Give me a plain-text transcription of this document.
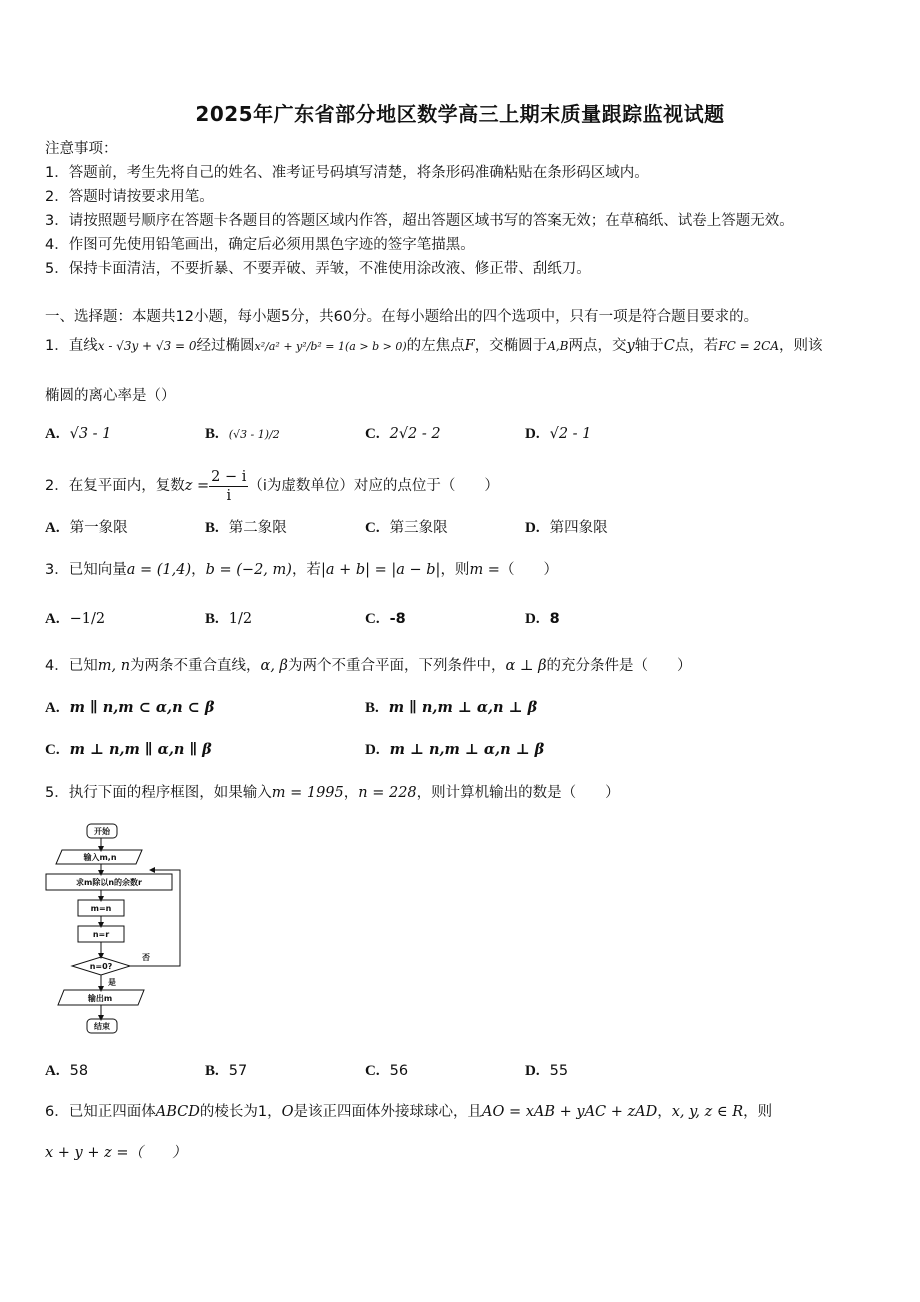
2025年广东省部分地区数学高三上期末质量跟踪监视试题
注意事项：
1．答题前，考生先将自己的姓名、准考证号码填写清楚，将条形码准确粘贴在条形码区域内。
2．答题时请按要求用笔。
3．请按照题号顺序在答题卡各题目的答题区域内作答，超出答题区域书写的答案无效；在草稿纸、试卷上答题无效。
4．作图可先使用铅笔画出，确定后必须用黑色字迹的签字笔描黑。
5．保持卡面清洁，不要折暴、不要弄破、弄皱，不准使用涂改液、修正带、刮纸刀。
一、选择题：本题共12小题，每小题5分，共60分。在每小题给出的四个选项中，只有一项是符合题目要求的。
1．直线x - √3y + √3 = 0经过椭圆x²/a² + y²/b² = 1(a > b > 0)的左焦点F，交椭圆于A,B两点，交y轴于C点，若FC = 2CA，则该
椭圆的离心率是（）
A. √3 - 1	B. (√3 - 1)/2	C. 2√2 - 2	D. √2 - 1
2．在复平面内，复数$z = \frac{2 - i}{i} (i$为虚数单位）对应的点位于（　　）
A. 第一象限	B. 第二象限	C. 第三象限	D. 第四象限
3．已知向量a = (1,4)，b = (−2, m)，若|a + b| = |a − b|，则m =（　　）
A. −1/2	B. 1/2	C. -8	D. 8
4．已知m, n为两条不重合直线，α, β为两个不重合平面，下列条件中，α ⊥ β的充分条件是（　　）
A. m ∥ n,m ⊂ α,n ⊂ β	B. m ∥ n,m ⊥ α,n ⊥ β
C. m ⊥ n,m ∥ α,n ∥ β	D. m ⊥ n,m ⊥ α,n ⊥ β
5．执行下面的程序框图，如果输入m = 1995，n = 228，则计算机输出的数是（　　）
开始
输入m,n
求m除以n的余数r
m=n
n=r
n=0?
否
是
输出m
结束
A. 58	B. 57	C. 56	D. 55
6．已知正四面体ABCD的棱长为1，O是该正四面体外接球球心，且AO = xAB + yAC + zAD，x, y, z ∈ R，则
x + y + z =（　　）
